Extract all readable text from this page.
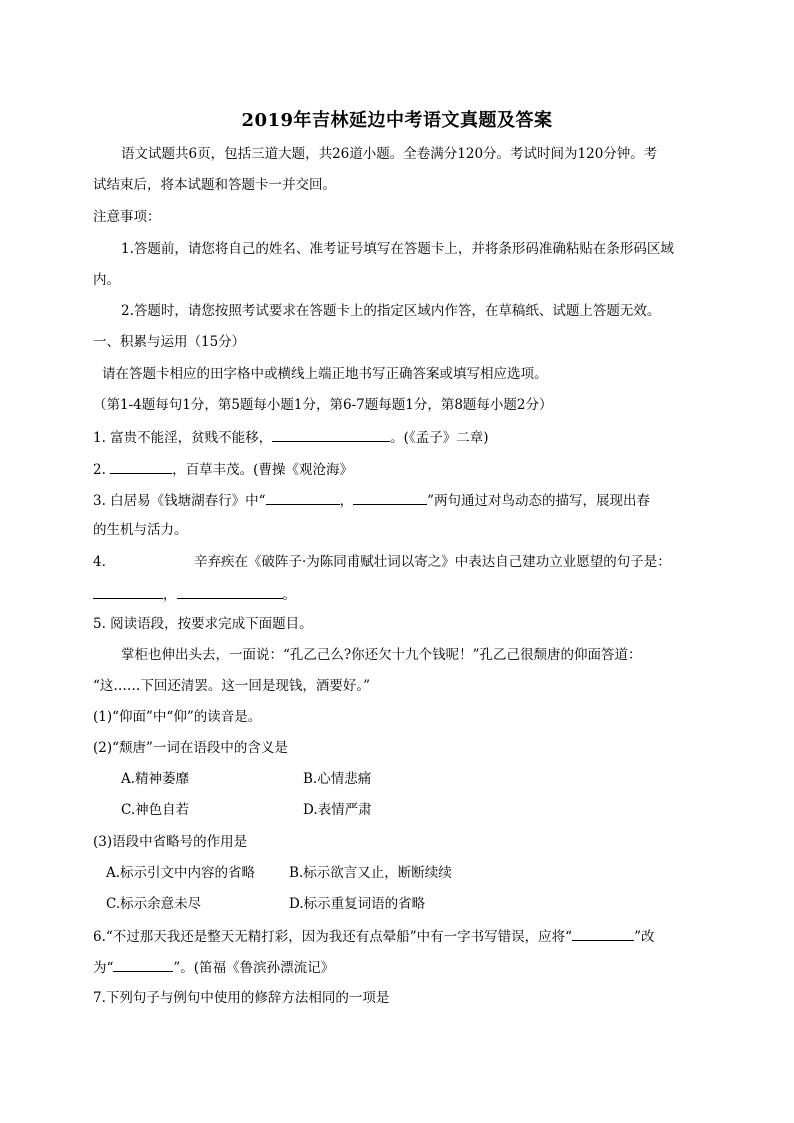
2019年吉林延边中考语文真题及答案
语文试题共6页，包括三道大题，共26道小题。全卷满分120分。考试时间为120分钟。考
试结束后，将本试题和答题卡一并交回。
注意事项：
1.答题前，请您将自己的姓名、准考证号填写在答题卡上，并将条形码准确粘贴在条形码区域
内。
2.答题时，请您按照考试要求在答题卡上的指定区域内作答，在草稿纸、试题上答题无效。
一、积累与运用（15分）
请在答题卡相应的田字格中或横线上端正地书写正确答案或填写相应选项。
（第1-4题每句1分，第5题每小题1分，第6-7题每题1分，第8题每小题2分）
1. 富贵不能淫，贫贱不能移，	。(《孟子》二章)
2.	，百草丰茂。(曹操《观沧海》
3. 白居易《钱塘湖春行》中“	，	”两句通过对鸟动态的描写，展现出春
的生机与活力。
4.	辛弃疾在《破阵子·为陈同甫赋壮词以寄之》中表达自己建功立业愿望的句子是：
，	。
5. 阅读语段，按要求完成下面题目。
掌柜也伸出头去，一面说：“孔乙己么?你还欠十九个钱呢！”孔乙己很颓唐的仰面答道：
“这……下回还清罢。这一回是现钱，酒要好。”
(1)“仰面”中“仰”的读音是。
(2)“颓唐”一词在语段中的含义是
A.精神萎靡	B.心情悲痛
C.神色自若	D.表情严肃
(3)语段中省略号的作用是
A.标示引文中内容的省略	B.标示欲言又止，断断续续
C.标示余意未尽	D.标示重复词语的省略
6.“不过那天我还是整天无精打彩，因为我还有点晕船”中有一字书写错误，应将“	”改
为“	”。(笛福《鲁滨孙漂流记》
7.下列句子与例句中使用的修辞方法相同的一项是
